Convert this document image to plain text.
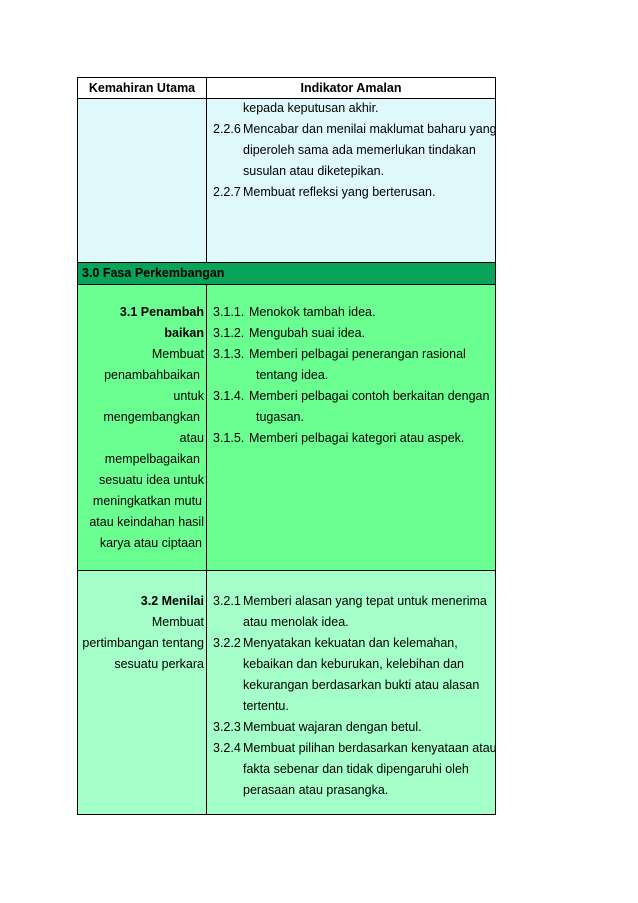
Kemahiran Utama	Indikator Amalan
kepada keputusan akhir.
2.2.6 Mencabar dan menilai maklumat baharu yang
diperoleh sama ada memerlukan tindakan
susulan atau diketepikan.
2.2.7 Membuat refleksi yang berterusan.
3.0 Fasa Perkembangan
3.1 Penambah
baikan
Membuat
penambahbaikan
untuk
mengembangkan
atau
mempelbagaikan
sesuatu idea untuk
meningkatkan mutu
atau keindahan hasil
karya atau ciptaan
3.1.1. Menokok tambah idea.
3.1.2. Mengubah suai idea.
3.1.3. Memberi pelbagai penerangan rasional
tentang idea.
3.1.4. Memberi pelbagai contoh berkaitan dengan
tugasan.
3.1.5. Memberi pelbagai kategori atau aspek.
3.2 Menilai
Membuat
pertimbangan tentang
sesuatu perkara
3.2.1 Memberi alasan yang tepat untuk menerima
atau menolak idea.
3.2.2 Menyatakan kekuatan dan kelemahan,
kebaikan dan keburukan, kelebihan dan
kekurangan berdasarkan bukti atau alasan
tertentu.
3.2.3 Membuat wajaran dengan betul.
3.2.4 Membuat pilihan berdasarkan kenyataan atau
fakta sebenar dan tidak dipengaruhi oleh
perasaan atau prasangka.
